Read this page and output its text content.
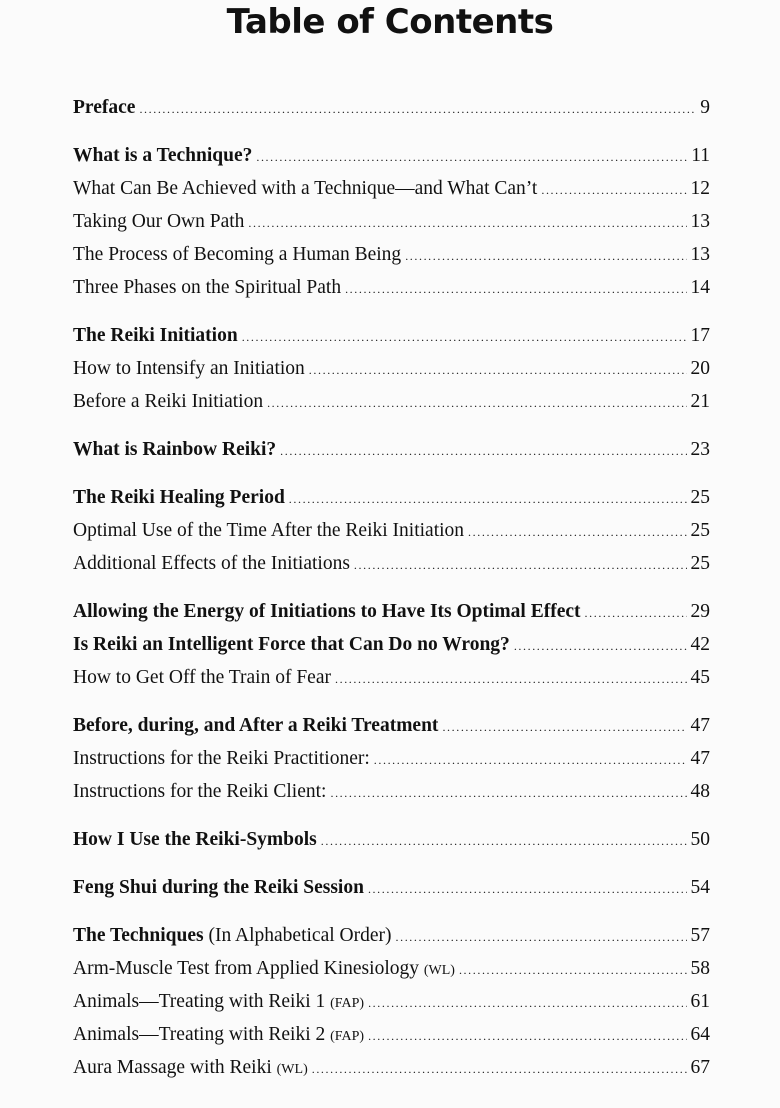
Table of Contents
Preface .....	9
What is a Technique? .....	11
What Can Be Achieved with a Technique—and What Can’t .....	12
Taking Our Own Path .....	13
The Process of Becoming a Human Being .....	13
Three Phases on the Spiritual Path .....	14
The Reiki Initiation .....	17
How to Intensify an Initiation .....	20
Before a Reiki Initiation .....	21
What is Rainbow Reiki? .....	23
The Reiki Healing Period .....	25
Optimal Use of the Time After the Reiki Initiation .....	25
Additional Effects of the Initiations .....	25
Allowing the Energy of Initiations to Have Its Optimal Effect .....	29
Is Reiki an Intelligent Force that Can Do no Wrong? .....	42
How to Get Off the Train of Fear .....	45
Before, during, and After a Reiki Treatment .....	47
Instructions for the Reiki Practitioner: .....	47
Instructions for the Reiki Client: .....	48
How I Use the Reiki-Symbols .....	50
Feng Shui during the Reiki Session .....	54
The Techniques (In Alphabetical Order) .....	57
Arm-Muscle Test from Applied Kinesiology (WL) .....	58
Animals—Treating with Reiki 1 (FAP) .....	61
Animals—Treating with Reiki 2 (FAP) .....	64
Aura Massage with Reiki (WL) .....	67
